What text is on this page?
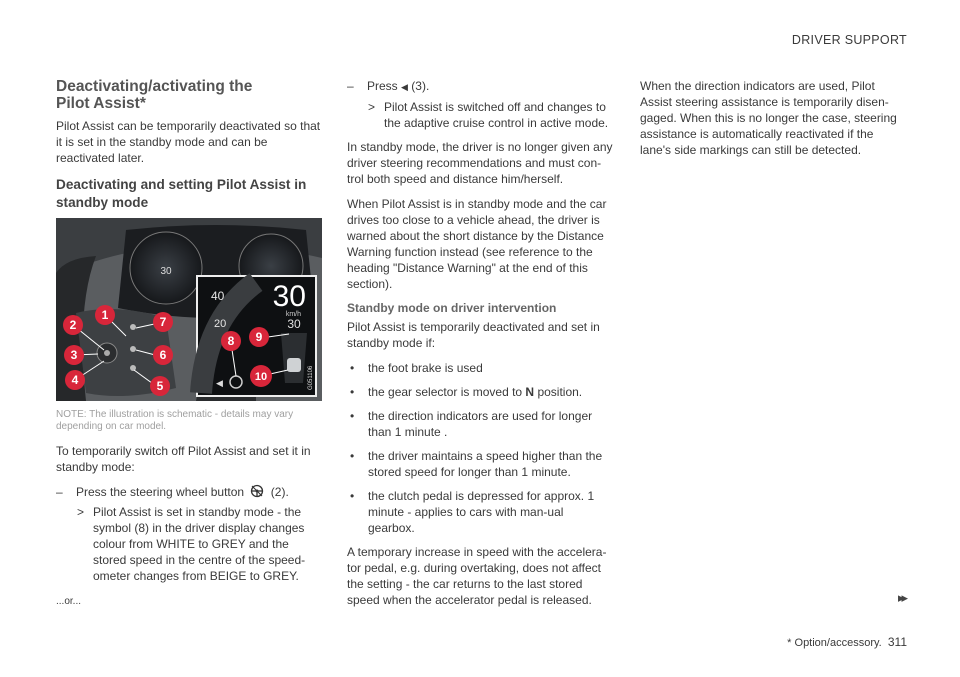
DRIVER SUPPORT
Deactivating/activating the
Pilot Assist*

Pilot Assist can be temporarily deactivated so that it is set in the standby mode and can be reactivated later.

Deactivating and setting Pilot Assist in standby mode
30
40
20
30
km/h
30
◀	G051106
1
2
3
4	5
6
7
8 9
10
NOTE: The illustration is schematic - details may vary depending on car model.

To temporarily switch off Pilot Assist and set it in standby mode:

– Press the steering wheel button (2).
> Pilot Assist is set in standby mode - the symbol (8) in the driver display changes colour from WHITE to GREY and the stored speed in the centre of the speed-ometer changes from BEIGE to GREY.

...or...

– Press ◀ (3).
> Pilot Assist is switched off and changes to the adaptive cruise control in active mode.

In standby mode, the driver is no longer given any driver steering recommendations and must con-trol both speed and distance him/herself.

When Pilot Assist is in standby mode and the car drives too close to a vehicle ahead, the driver is warned about the short distance by the Distance Warning function instead (see reference to the heading "Distance Warning" at the end of this section).

Standby mode on driver intervention

Pilot Assist is temporarily deactivated and set in standby mode if:

• the foot brake is used
• the gear selector is moved to N position.
• the direction indicators are used for longer than 1 minute .
• the driver maintains a speed higher than the stored speed for longer than 1 minute.
• the clutch pedal is depressed for approx. 1 minute - applies to cars with man-ual gearbox.

A temporary increase in speed with the accelera-tor pedal, e.g. during overtaking, does not affect the setting - the car returns to the last stored speed when the accelerator pedal is released.

When the direction indicators are used, Pilot Assist steering assistance is temporarily disen-gaged. When this is no longer the case, steering assistance is automatically reactivated if the lane's side markings can still be detected.

▸▸
* Option/accessory. 311
